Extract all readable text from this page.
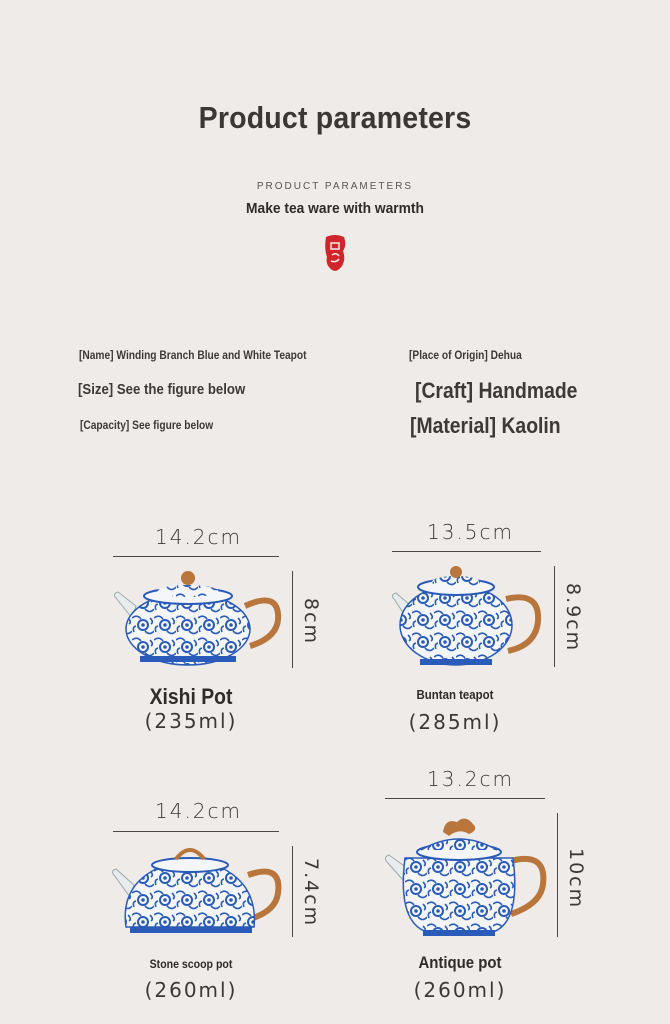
Product parameters
PRODUCT PARAMETERS
Make tea ware with warmth
[Name] Winding Branch Blue and White Teapot	[Place of Origin] Dehua
[Size] See the figure below	[Craft] Handmade
[Capacity] See figure below	[Material] Kaolin
14.2cm
8cm
Xishi Pot
(235ml)
13.5cm
8.9cm
Buntan teapot
(285ml)
14.2cm
7.4cm
Stone scoop pot
(260ml)
13.2cm
10cm
Antique pot
(260ml)
